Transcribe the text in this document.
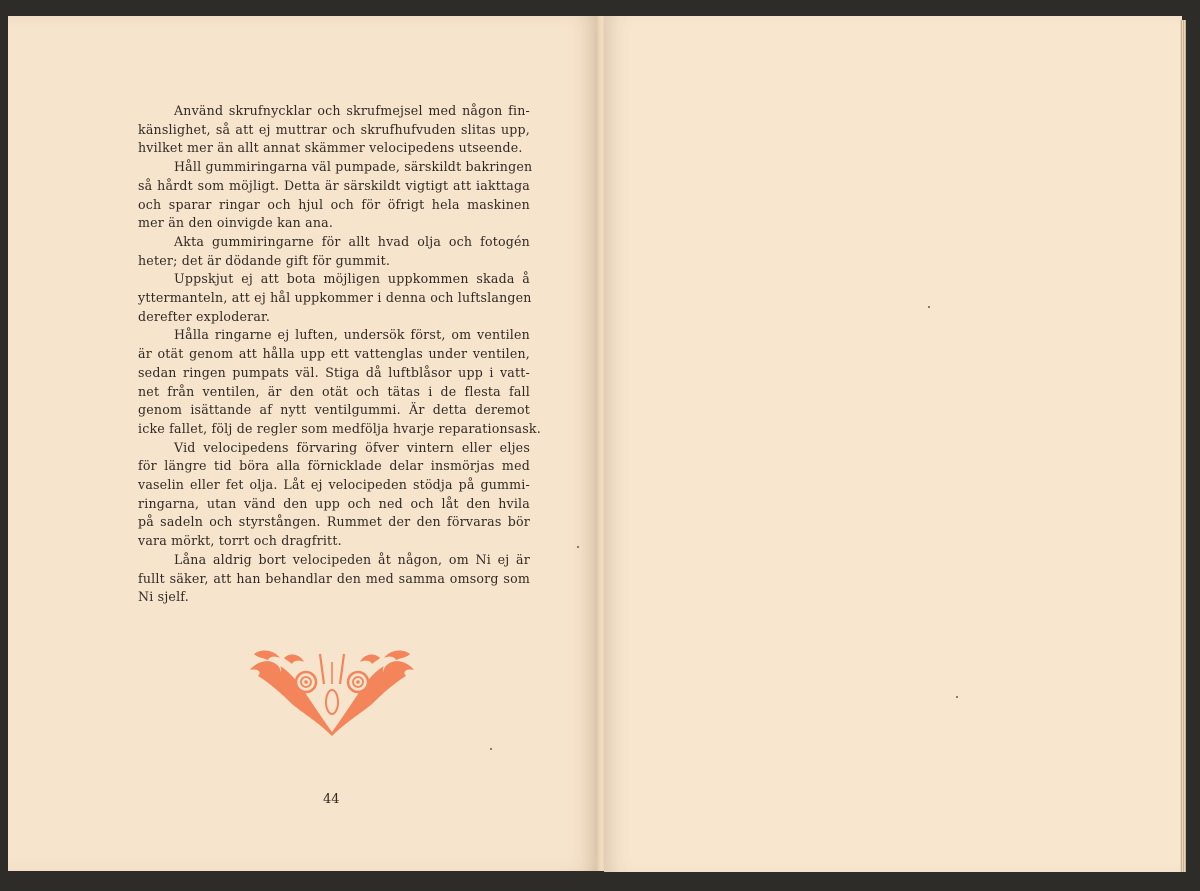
Använd skrufnycklar och skrufmejsel med någon fin-
känslighet, så att ej muttrar och skrufhufvuden slitas upp,
hvilket mer än allt annat skämmer velocipedens utseende.

Håll gummiringarna väl pumpade, särskildt bakringen
så hårdt som möjligt. Detta är särskildt vigtigt att iakttaga
och sparar ringar och hjul och för öfrigt hela maskinen
mer än den oinvigde kan ana.

Akta gummiringarne för allt hvad olja och fotogén
heter; det är dödande gift för gummit.

Uppskjut ej att bota möjligen uppkommen skada å
yttermanteln, att ej hål uppkommer i denna och luftslangen
derefter exploderar.

Hålla ringarne ej luften, undersök först, om ventilen
är otät genom att hålla upp ett vattenglas under ventilen,
sedan ringen pumpats väl. Stiga då luftblåsor upp i vatt-
net från ventilen, är den otät och tätas i de flesta fall
genom isättande af nytt ventilgummi. Är detta deremot
icke fallet, följ de regler som medfölja hvarje reparationsask.

Vid velocipedens förvaring öfver vintern eller eljes
för längre tid böra alla förnicklade delar insmörjas med
vaselin eller fet olja. Låt ej velocipeden stödja på gummi-
ringarna, utan vänd den upp och ned och låt den hvila
på sadeln och styrstången. Rummet der den förvaras bör
vara mörkt, torrt och dragfritt.

Låna aldrig bort velocipeden åt någon, om Ni ej är
fullt säker, att han behandlar den med samma omsorg som
Ni sjelf.

44
